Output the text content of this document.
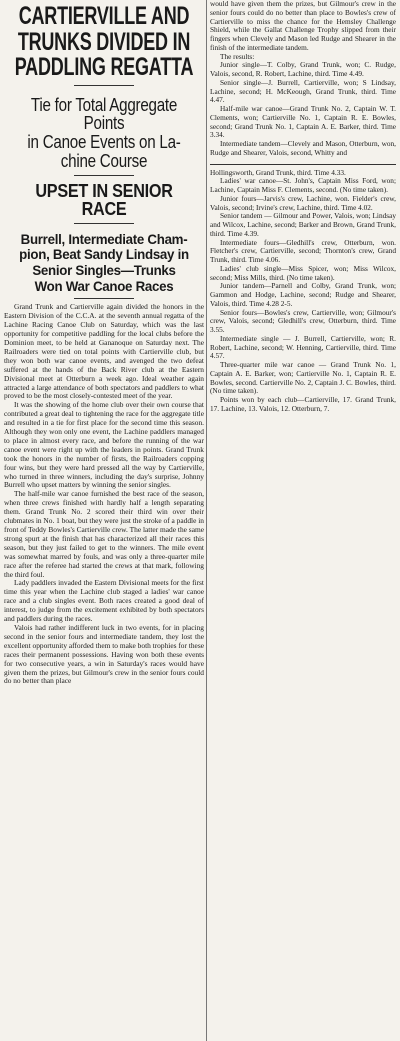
CARTIERVILLE AND
TRUNKS DIVIDED IN
PADDLING REGATTA
Tie for Total Aggregate Points
in Canoe Events on La-
chine Course
UPSET IN SENIOR RACE
Burrell, Intermediate Cham-
pion, Beat Sandy Lindsay in
Senior Singles—Trunks
Won War Canoe Races

Grand Trunk and Cartierville again divided the honors in the Eastern Division of the C.C.A. at the seventh annual regatta of the Lachine Racing Canoe Club on Saturday, which was the last opportunity for competitive paddling for the local clubs before the Dominion meet, to be held at Gananoque on Saturday next. The Railroaders were tied on total points with Cartierville club, but they won both war canoe events, and avenged the two defeat suffered at the hands of the Back River club at the Eastern Divisional meet at Otterburn a week ago. Ideal weather again attracted a large attendance of both spectators and paddlers to what proved to be the most closely-contested meet of the year.

It was the showing of the home club over their own course that contributed a great deal to tightening the race for the aggregate title and resulted in a tie for first place for the second time this season. Although they won only one event, the Lachine paddlers managed to place in almost every race, and before the running of the war canoe event were right up with the leaders in points. Grand Trunk took the honors in the number of firsts, the Railroaders copping four wins, but they were hard pressed all the way by Cartierville, who turned in three winners, including the day's surprise, Johnny Burrell who upset matters by winning the senior singles.

The half-mile war canoe furnished the best race of the season, when three crews finished with hardly half a length separating them. Grand Trunk No. 2 scored their third win over their clubmates in No. 1 boat, but they were just the stroke of a paddle in front of Teddy Bowles's Cartierville crew. The latter made the same strong spurt at the finish that has characterized all their races this season, but they just failed to get to the winners. The mile event was somewhat marred by fouls, and was only a three-quarter mile race after the referee had started the crews at that mark, following the third foul.

Lady paddlers invaded the Eastern Divisional meets for the first time this year when the Lachine club staged a ladies' war canoe race and a club singles event. Both races created a good deal of interest, to judge from the excitement exhibited by both spectators and paddlers during the races.

Valois had rather indifferent luck in two events, for in placing second in the senior fours and intermediate tandem, they lost the excellent opportunity afforded them to make both trophies for these races their permanent possessions. Having won both these events for two consecutive years, a win in Saturday's races would have given them the prizes, but Gilmour's crew in the senior fours could do no better than place

would have given them the prizes, but Gilmour's crew in the senior fours could do no better than place to Bowles's crew of Cartierville to miss the chance for the Hemsley Challenge Shield, while the Gallat Challenge Trophy slipped from their fingers when Clevely and Mason led Rudge and Shearer in the finish of the intermediate tandem.

The results:

Junior single—T. Colby, Grand Trunk, won; C. Rudge, Valois, second, R. Robert, Lachine, third. Time 4.49.

Senior single—J. Burrell, Cartierville, won; S Lindsay, Lachine, second; H. McKeough, Grand Trunk, third. Time 4.47.

Half-mile war canoe—Grand Trunk No. 2, Captain W. T. Clements, won; Cartierville No. 1, Captain R. E. Bowles, second; Grand Trunk No. 1, Captain A. E. Barker, third. Time 3.34.

Intermediate tandem—Clevely and Mason, Otterburn, won, Rudge and Shearer, Valois, second, Whitty and

Hollingsworth, Grand Trunk, third. Time 4.33.

Ladies' war canoe—St. John's, Captain Miss Ford, won; Lachine, Captain Miss F. Clements, second. (No time taken).

Junior fours—Jarvis's crew, Lachine, won. Fielder's crew, Valois, second; Irvine's crew, Lachine, third. Time 4.02.

Senior tandem — Gilmour and Power, Valois, won; Lindsay and Wilcox, Lachine, second; Barker and Brown, Grand Trunk, third. Time 4.39.

Intermediate fours—Gledhill's crew, Otterburn, won. Fletcher's crew, Cartierville, second; Thornton's crew, Grand Trunk, third. Time 4.06.

Ladies' club single—Miss Spicer, won; Miss Wilcox, second; Miss Mills, third. (No time taken).

Junior tandem—Parnell and Colby, Grand Trunk, won; Gammon and Hodge, Lachine, second; Rudge and Shearer, Valois, third. Time 4.28 2-5.

Senior fours—Bowles's crew, Cartierville, won; Gilmour's crew, Valois, second; Gledhill's crew, Otterburn, third. Time 3.55.

Intermediate single — J. Burrell, Cartierville, won; R. Robert, Lachine, second; W. Henning, Cartierville, third. Time 4.57.

Three-quarter mile war canoe — Grand Trunk No. 1, Captain A. E. Barker, won; Cartierville No. 1, Captain R. E. Bowles, second. Cartierville No. 2, Captain J. C. Bowles, third. (No time taken).

Points won by each club—Cartierville, 17. Grand Trunk, 17. Lachine, 13. Valois, 12. Otterburn, 7.
